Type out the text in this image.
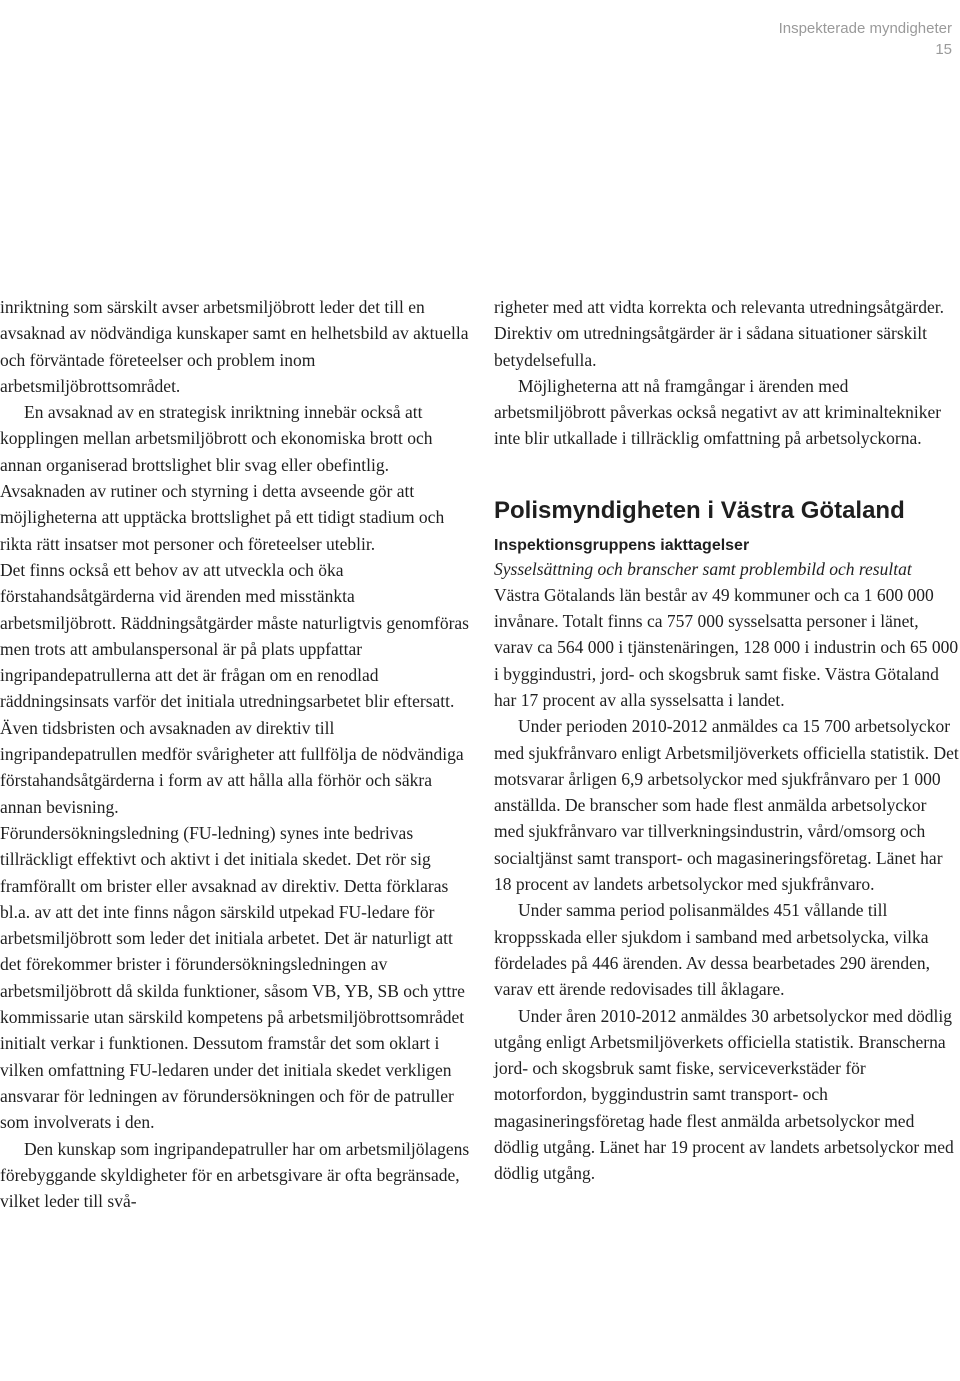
Inspekterade myndigheter
15

inriktning som särskilt avser arbetsmiljöbrott leder det till en avsaknad av nödvändiga kunskaper samt en helhetsbild av aktuella och förväntade företeelser och problem inom arbetsmiljöbrottsområdet.

En avsaknad av en strategisk inriktning innebär också att kopplingen mellan arbetsmiljöbrott och ekonomiska brott och annan organiserad brottslighet blir svag eller obefintlig. Avsaknaden av rutiner och styrning i detta avseende gör att möjligheterna att upptäcka brottslighet på ett tidigt stadium och rikta rätt insatser mot personer och företeelser uteblir.

Det finns också ett behov av att utveckla och öka förstahandsåtgärderna vid ärenden med misstänkta arbetsmiljöbrott. Räddningsåtgärder måste naturligtvis genomföras men trots att ambulanspersonal är på plats uppfattar ingripandepatrullerna att det är frågan om en renodlad räddningsinsats varför det initiala utredningsarbetet blir eftersatt. Även tidsbristen och avsaknaden av direktiv till ingripandepatrullen medför svårigheter att fullfölja de nödvändiga förstahandsåtgärderna i form av att hålla alla förhör och säkra annan bevisning.

Förundersökningsledning (FU-ledning) synes inte bedrivas tillräckligt effektivt och aktivt i det initiala skedet. Det rör sig framförallt om brister eller avsaknad av direktiv. Detta förklaras bl.a. av att det inte finns någon särskild utpekad FU-ledare för arbetsmiljöbrott som leder det initiala arbetet. Det är naturligt att det förekommer brister i förundersökningsledningen av arbetsmiljöbrott då skilda funktioner, såsom VB, YB, SB och yttre kommissarie utan särskild kompetens på arbetsmiljöbrottsområdet initialt verkar i funktionen. Dessutom framstår det som oklart i vilken omfattning FU-ledaren under det initiala skedet verkligen ansvarar för ledningen av förundersökningen och för de patruller som involverats i den.

Den kunskap som ingripandepatruller har om arbetsmiljölagens förebyggande skyldigheter för en arbetsgivare är ofta begränsade, vilket leder till svå-

righeter med att vidta korrekta och relevanta utredningsåtgärder. Direktiv om utredningsåtgärder är i sådana situationer särskilt betydelsefulla.

Möjligheterna att nå framgångar i ärenden med arbetsmiljöbrott påverkas också negativt av att kriminaltekniker inte blir utkallade i tillräcklig omfattning på arbetsolyckorna.

Polismyndigheten i Västra Götaland
Inspektionsgruppens iakttagelser
Sysselsättning och branscher samt problembild och resultat

Västra Götalands län består av 49 kommuner och ca 1 600 000 invånare. Totalt finns ca 757 000 sysselsatta personer i länet, varav ca 564 000 i tjänstenäringen, 128 000 i industrin och 65 000 i byggindustri, jord- och skogsbruk samt fiske. Västra Götaland har 17 procent av alla sysselsatta i landet.

Under perioden 2010-2012 anmäldes ca 15 700 arbetsolyckor med sjukfrånvaro enligt Arbetsmiljöverkets officiella statistik. Det motsvarar årligen 6,9 arbetsolyckor med sjukfrånvaro per 1 000 anställda. De branscher som hade flest anmälda arbetsolyckor med sjukfrånvaro var tillverkningsindustrin, vård/omsorg och socialtjänst samt transport- och magasineringsföretag. Länet har 18 procent av landets arbetsolyckor med sjukfrånvaro.

Under samma period polisanmäldes 451 vållande till kroppsskada eller sjukdom i samband med arbetsolycka, vilka fördelades på 446 ärenden. Av dessa bearbetades 290 ärenden, varav ett ärende redovisades till åklagare.

Under åren 2010-2012 anmäldes 30 arbetsolyckor med dödlig utgång enligt Arbetsmiljöverkets officiella statistik. Branscherna jord- och skogsbruk samt fiske, serviceverkstäder för motorfordon, byggindustrin samt transport- och magasineringsföretag hade flest anmälda arbetsolyckor med dödlig utgång. Länet har 19 procent av landets arbetsolyckor med dödlig utgång.
